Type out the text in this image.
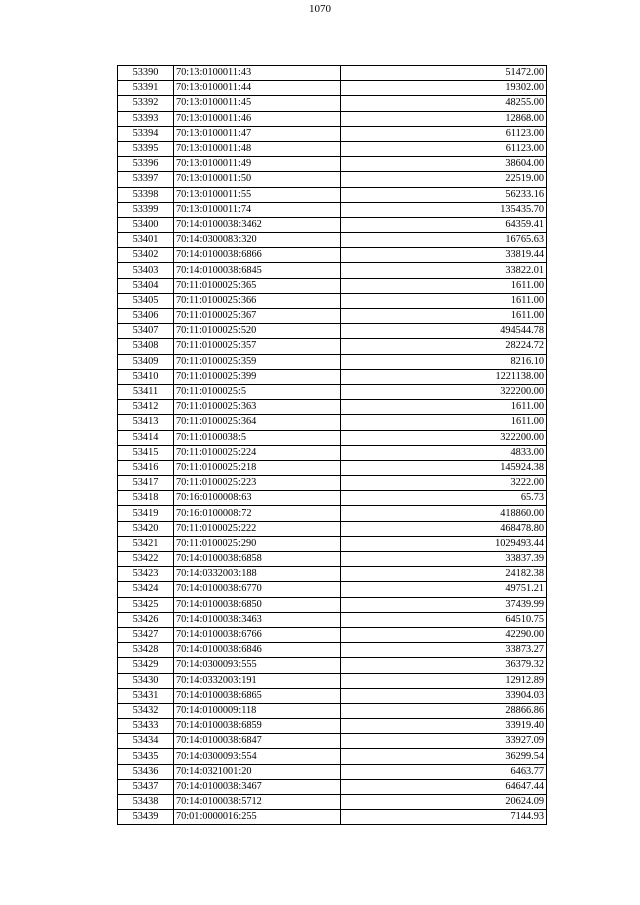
1070
53390	70:13:0100011:43	51472.00
53391	70:13:0100011:44	19302.00
53392	70:13:0100011:45	48255.00
53393	70:13:0100011:46	12868.00
53394	70:13:0100011:47	61123.00
53395	70:13:0100011:48	61123.00
53396	70:13:0100011:49	38604.00
53397	70:13:0100011:50	22519.00
53398	70:13:0100011:55	56233.16
53399	70:13:0100011:74	135435.70
53400	70:14:0100038:3462	64359.41
53401	70:14:0300083:320	16765.63
53402	70:14:0100038:6866	33819.44
53403	70:14:0100038:6845	33822.01
53404	70:11:0100025:365	1611.00
53405	70:11:0100025:366	1611.00
53406	70:11:0100025:367	1611.00
53407	70:11:0100025:520	494544.78
53408	70:11:0100025:357	28224.72
53409	70:11:0100025:359	8216.10
53410	70:11:0100025:399	1221138.00
53411	70:11:0100025:5	322200.00
53412	70:11:0100025:363	1611.00
53413	70:11:0100025:364	1611.00
53414	70:11:0100038:5	322200.00
53415	70:11:0100025:224	4833.00
53416	70:11:0100025:218	145924.38
53417	70:11:0100025:223	3222.00
53418	70:16:0100008:63	65.73
53419	70:16:0100008:72	418860.00
53420	70:11:0100025:222	468478.80
53421	70:11:0100025:290	1029493.44
53422	70:14:0100038:6858	33837.39
53423	70:14:0332003:188	24182.38
53424	70:14:0100038:6770	49751.21
53425	70:14:0100038:6850	37439.99
53426	70:14:0100038:3463	64510.75
53427	70:14:0100038:6766	42290.00
53428	70:14:0100038:6846	33873.27
53429	70:14:0300093:555	36379.32
53430	70:14:0332003:191	12912.89
53431	70:14:0100038:6865	33904.03
53432	70:14:0100009:118	28866.86
53433	70:14:0100038:6859	33919.40
53434	70:14:0100038:6847	33927.09
53435	70:14:0300093:554	36299.54
53436	70:14:0321001:20	6463.77
53437	70:14:0100038:3467	64647.44
53438	70:14:0100038:5712	20624.09
53439	70:01:0000016:255	7144.93
